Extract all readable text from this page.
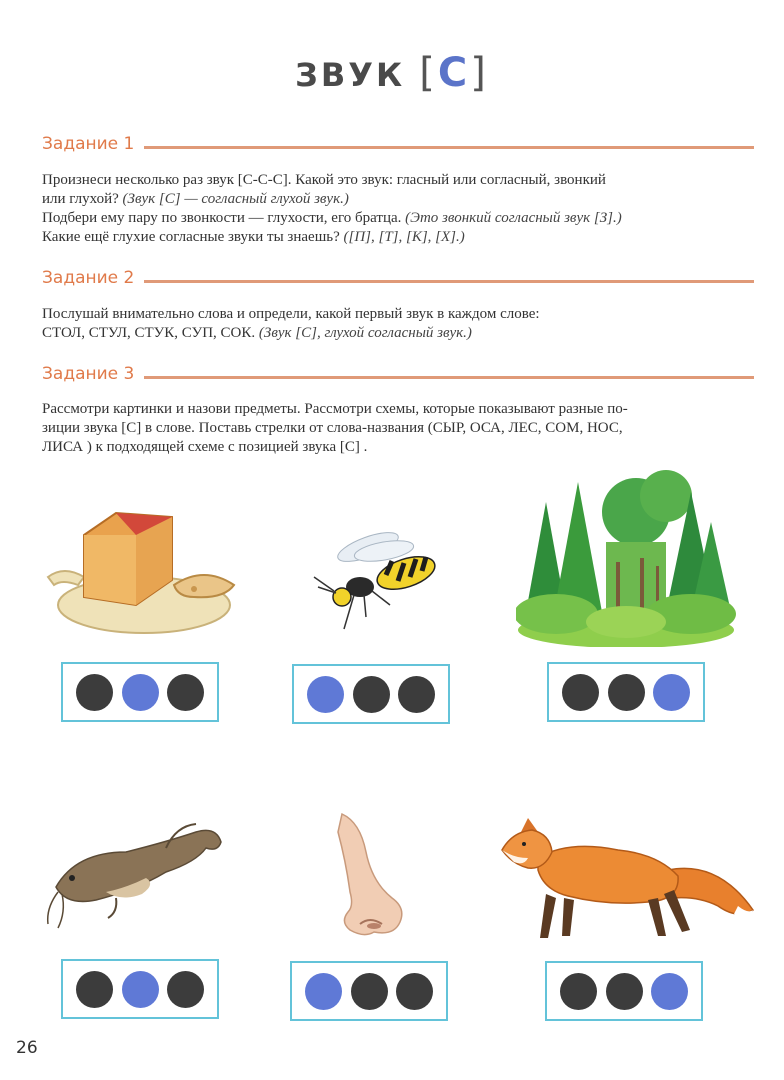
ЗВУК [С]
Задание 1

Произнеси несколько раз звук [С-С-С]. Какой это звук: гласный или согласный, звонкий

или глухой? (Звук [С] — согласный глухой звук.)

Подбери ему пару по звонкости — глухости, его братца. (Это звонкий согласный звук [З].)

Какие ещё глухие согласные звуки ты знаешь? ([П], [Т], [К], [Х].)

Задание 2

Послушай внимательно слова и определи, какой первый звук в каждом слове:

СТОЛ, СТУЛ, СТУК, СУП, СОК. (Звук [С], глухой согласный звук.)

Задание 3

Рассмотри картинки и назови предметы. Рассмотри схемы, которые показывают разные по-

зиции звука [С] в слове. Поставь стрелки от слова-названия (СЫР, ОСА, ЛЕС, СОМ, НОС,

ЛИСА ) к подходящей схеме с позицией звука [С] .

26
